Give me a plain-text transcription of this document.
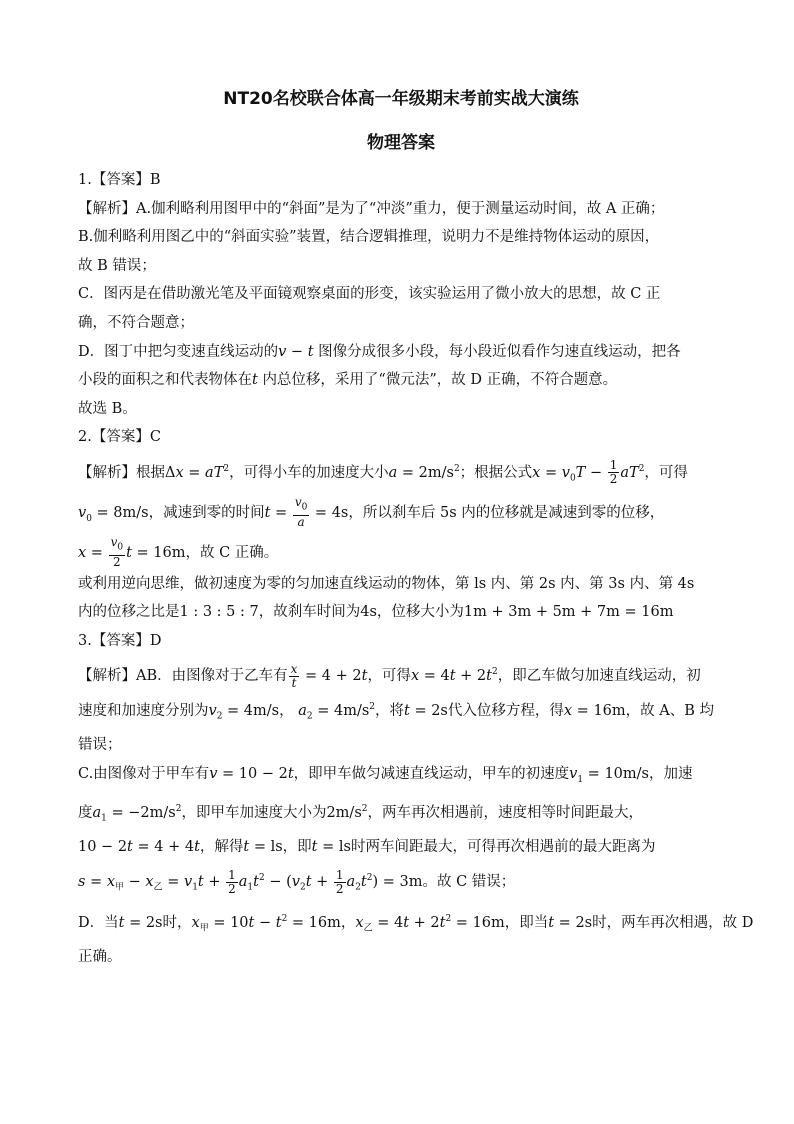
NT20名校联合体高一年级期末考前实战大演练
物理答案

1.【答案】B

【解析】A.伽利略利用图甲中的“斜面”是为了“冲淡”重力，便于测量运动时间，故 A 正确；

B.伽利略利用图乙中的“斜面实验”装置，结合逻辑推理，说明力不是维持物体运动的原因，

故 B 错误；

C．图丙是在借助激光笔及平面镜观察桌面的形变，该实验运用了微小放大的思想，故 C 正

确，不符合题意；

D．图丁中把匀变速直线运动的v − t 图像分成很多小段，每小段近似看作匀速直线运动，把各

小段的面积之和代表物体在t 内总位移，采用了“微元法”，故 D 正确，不符合题意。

故选 B。

2.【答案】C

【解析】根据$\Delta x = aT^2$，可得小车的加速度大小$a = 2m/s^2$；根据公式$x = v_0T - \frac{1}{2} aT^2$，可得

$v_0 = 8m/s$，减速到零的时间$t = \frac{v_0}{a} = 4s$，所以刹车后 5s 内的位移就是减速到零的位移，

$x = \frac{v_0}{2}$ t = 16m，故 C 正确。

或利用逆向思维，做初速度为零的匀加速直线运动的物体，第 ls 内、第 2s 内、第 3s 内、第 4s

内的位移之比是1 : 3 : 5 : 7，故刹车时间为4s，位移大小为1m + 3m + 5m + 7m = 16m

3.【答案】D

【解析】AB．由图像对于乙车有 $\frac{x}{t} = 4 + 2t$，可得$x = 4t + 2t^2$，即乙车做匀加速直线运动，初

速度和加速度分别为$v_2 = 4m/s$， $a_2 = 4m/s^2$，将t = 2s代入位移方程，得x = 16m，故 A、B 均

错误；

C.由图像对于甲车有v = 10 − 2t，即甲车做匀减速直线运动，甲车的初速度$v_1 = 10m/s$，加速

度$a_1 = -2m/s^2$，即甲车加速度大小为$2m/s^2$，两车再次相遇前，速度相等时间距最大，

10 − 2t = 4 + 4t，解得t = ls，即t = ls时两车间距最大，可得再次相遇前的最大距离为

$s = x_甲 - x_乙 = v_1t + \frac{1}{2} a_1t^2 - (v_2t + \frac{1}{2} a_2t^2) = 3m$。故 C 错误；

D．当t = 2s时，$x_甲 = 10t - t^2 = 16m$，$x_乙 = 4t + 2t^2 = 16m$，即当t = 2s时，两车再次相遇，故 D

正确。
